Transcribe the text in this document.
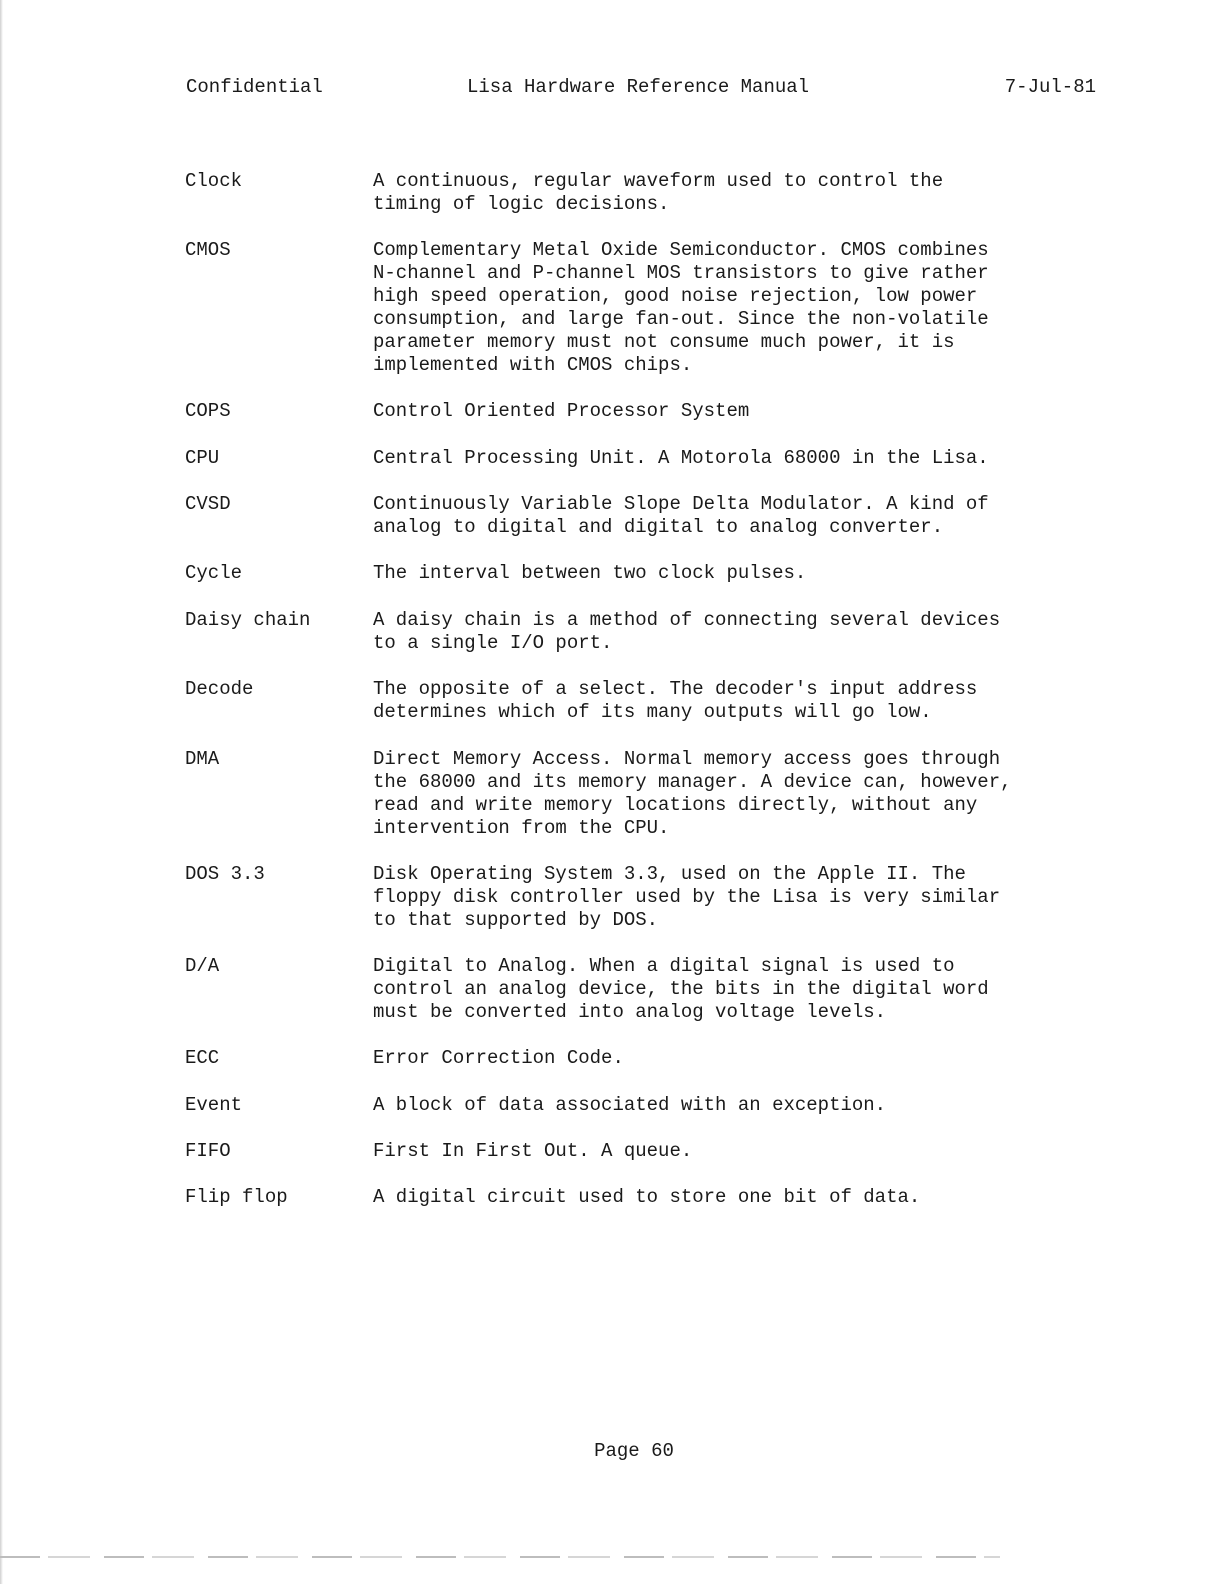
Confidential	Lisa Hardware Reference Manual	7-Jul-81
Clock	A continuous, regular waveform used to control the
timing of logic decisions.
CMOS	Complementary Metal Oxide Semiconductor. CMOS combines
N-channel and P-channel MOS transistors to give rather
high speed operation, good noise rejection, low power
consumption, and large fan-out. Since the non-volatile
parameter memory must not consume much power, it is
implemented with CMOS chips.
COPS	Control Oriented Processor System
CPU	Central Processing Unit. A Motorola 68000 in the Lisa.
CVSD	Continuously Variable Slope Delta Modulator. A kind of
analog to digital and digital to analog converter.
Cycle	The interval between two clock pulses.
Daisy chain	A daisy chain is a method of connecting several devices
to a single I/O port.
Decode	The opposite of a select. The decoder's input address
determines which of its many outputs will go low.
DMA	Direct Memory Access. Normal memory access goes through
the 68000 and its memory manager. A device can, however,
read and write memory locations directly, without any
intervention from the CPU.
DOS 3.3	Disk Operating System 3.3, used on the Apple II. The
floppy disk controller used by the Lisa is very similar
to that supported by DOS.
D/A	Digital to Analog. When a digital signal is used to
control an analog device, the bits in the digital word
must be converted into analog voltage levels.
ECC	Error Correction Code.
Event	A block of data associated with an exception.
FIFO	First In First Out. A queue.
Flip flop	A digital circuit used to store one bit of data.
Page 60
